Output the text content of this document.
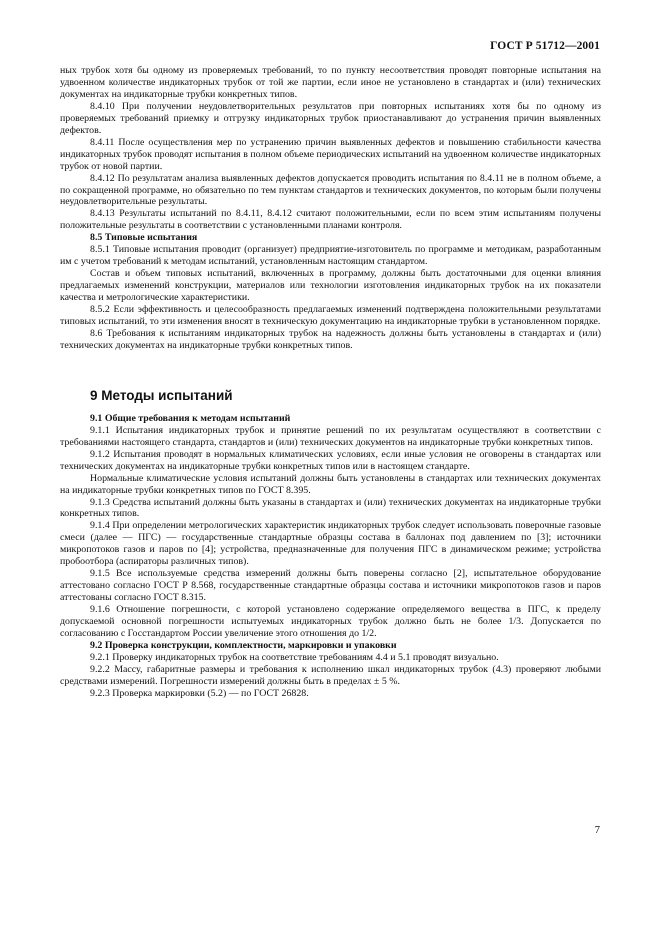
ГОСТ Р 51712—2001

ных трубок хотя бы одному из проверяемых требований, то по пункту несоответствия проводят повторные испытания на удвоенном количестве индикаторных трубок от той же партии, если иное не установлено в стандартах и (или) технических документах на индикаторные трубки конкретных типов.

8.4.10 При получении неудовлетворительных результатов при повторных испытаниях хотя бы по одному из проверяемых требований приемку и отгрузку индикаторных трубок приостанавливают до устранения причин выявленных дефектов.

8.4.11 После осуществления мер по устранению причин выявленных дефектов и повышению стабильности качества индикаторных трубок проводят испытания в полном объеме периодических испытаний на удвоенном количестве индикаторных трубок от новой партии.

8.4.12 По результатам анализа выявленных дефектов допускается проводить испытания по 8.4.11 не в полном объеме, а по сокращенной программе, но обязательно по тем пунктам стандартов и технических документов, по которым были получены неудовлетворительные результаты.

8.4.13 Результаты испытаний по 8.4.11, 8.4.12 считают положительными, если по всем этим испытаниям получены положительные результаты в соответствии с установленными планами контроля.

8.5 Типовые испытания

8.5.1 Типовые испытания проводит (организует) предприятие-изготовитель по программе и методикам, разработанным им с учетом требований к методам испытаний, установленным настоящим стандартом.

Состав и объем типовых испытаний, включенных в программу, должны быть достаточными для оценки влияния предлагаемых изменений конструкции, материалов или технологии изготовления индикаторных трубок на их показатели качества и метрологические характеристики.

8.5.2 Если эффективность и целесообразность предлагаемых изменений подтверждена положительными результатами типовых испытаний, то эти изменения вносят в техническую документацию на индикаторные трубки в установленном порядке.

8.6 Требования к испытаниям индикаторных трубок на надежность должны быть установлены в стандартах и (или) технических документах на индикаторные трубки конкретных типов.

9 Методы испытаний
9.1 Общие требования к методам испытаний

9.1.1 Испытания индикаторных трубок и принятие решений по их результатам осуществляют в соответствии с требованиями настоящего стандарта, стандартов и (или) технических документов на индикаторные трубки конкретных типов.

9.1.2 Испытания проводят в нормальных климатических условиях, если иные условия не оговорены в стандартах или технических документах на индикаторные трубки конкретных типов или в настоящем стандарте.

Нормальные климатические условия испытаний должны быть установлены в стандартах или технических документах на индикаторные трубки конкретных типов по ГОСТ 8.395.

9.1.3 Средства испытаний должны быть указаны в стандартах и (или) технических документах на индикаторные трубки конкретных типов.

9.1.4 При определении метрологических характеристик индикаторных трубок следует использовать поверочные газовые смеси (далее — ПГС) — государственные стандартные образцы состава в баллонах под давлением по [3]; источники микропотоков газов и паров по [4]; устройства, предназначенные для получения ПГС в динамическом режиме; устройства пробоотбора (аспираторы различных типов).

9.1.5 Все используемые средства измерений должны быть поверены согласно [2], испытательное оборудование аттестовано согласно ГОСТ Р 8.568, государственные стандартные образцы состава и источники микропотоков газов и паров аттестованы согласно ГОСТ 8.315.

9.1.6 Отношение погрешности, с которой установлено содержание определяемого вещества в ПГС, к пределу допускаемой основной погрешности испытуемых индикаторных трубок должно быть не более 1/3. Допускается по согласованию с Госстандартом России увеличение этого отношения до 1/2.

9.2 Проверка конструкции, комплектности, маркировки и упаковки

9.2.1 Проверку индикаторных трубок на соответствие требованиям 4.4 и 5.1 проводят визуально.

9.2.2 Массу, габаритные размеры и требования к исполнению шкал индикаторных трубок (4.3) проверяют любыми средствами измерений. Погрешности измерений должны быть в пределах ± 5 %.

9.2.3 Проверка маркировки (5.2) — по ГОСТ 26828.

7
